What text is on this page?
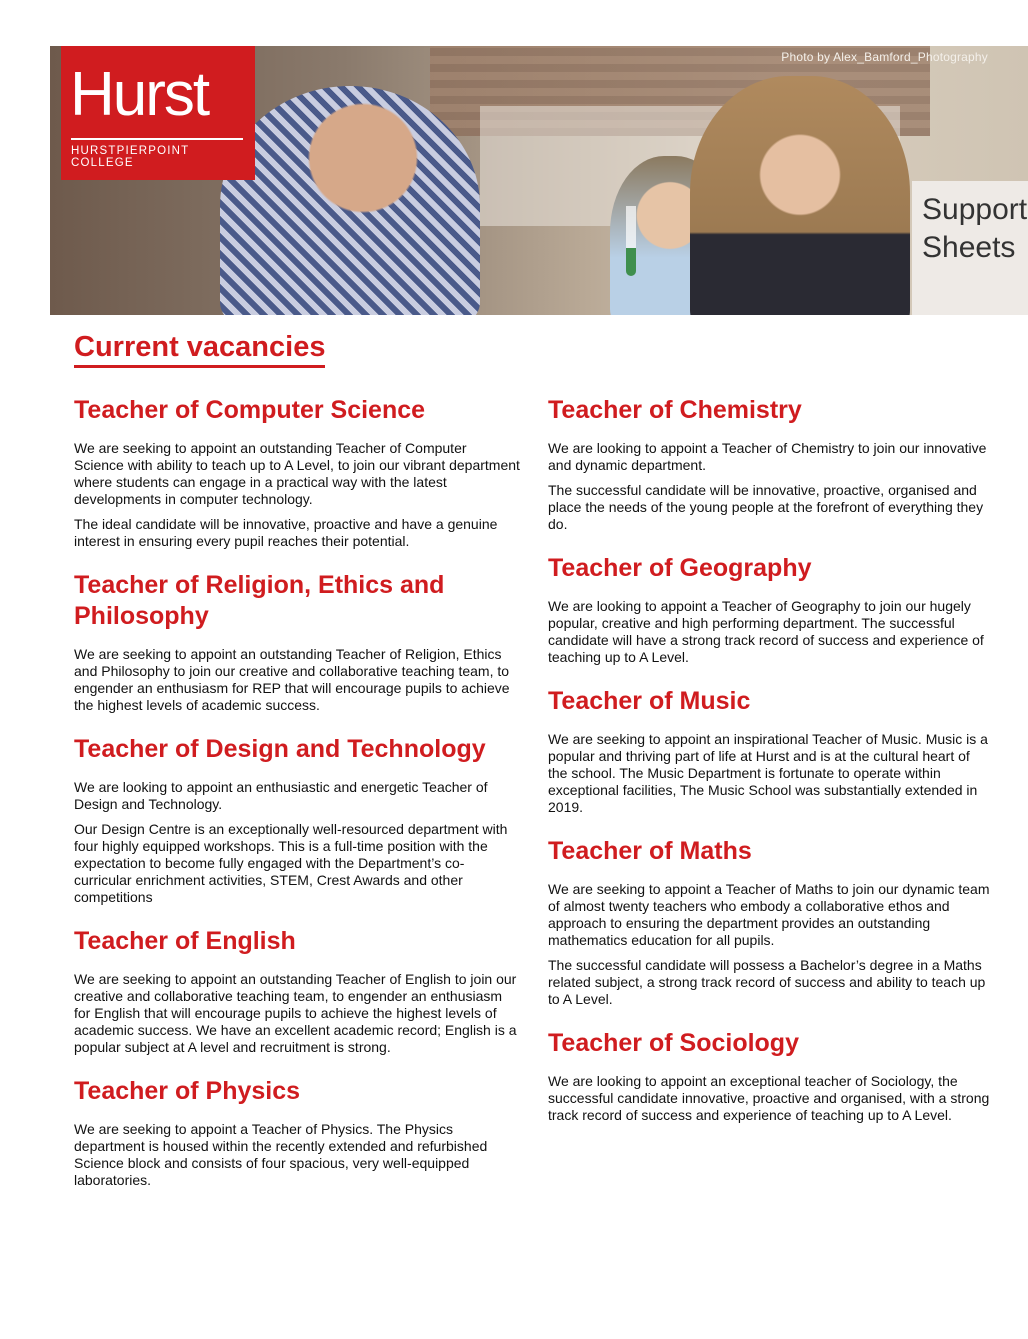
Support Sheets
Photo by Alex_Bamford_Photography
Hurst
HURSTPIERPOINT COLLEGE
Current vacancies
Teacher of Computer Science

We are seeking to appoint an outstanding Teacher of Computer Science with ability to teach up to A Level, to join our vibrant department where students can engage in a practical way with the latest developments in computer technology.

The ideal candidate will be innovative, proactive and have a genuine interest in ensuring every pupil reaches their potential.

Teacher of Religion, Ethics and Philosophy

We are seeking to appoint an outstanding Teacher of Religion, Ethics and Philosophy to join our creative and collaborative teaching team, to engender an enthusiasm for REP that will encourage pupils to achieve the highest levels of academic success.

Teacher of Design and Technology

We are looking to appoint an enthusiastic and energetic Teacher of Design and Technology.

Our Design Centre is an exceptionally well-resourced department with four highly equipped workshops. This is a full-time position with the expectation to become fully engaged with the Department’s co-curricular enrichment activities, STEM, Crest Awards and other competitions

Teacher of English

We are seeking to appoint an outstanding Teacher of English to join our creative and collaborative teaching team, to engender an enthusiasm for English that will encourage pupils to achieve the highest levels of academic success. We have an excellent academic record; English is a popular subject at A level and recruitment is strong.

Teacher of Physics

We are seeking to appoint a Teacher of Physics. The Physics department is housed within the recently extended and refurbished Science block and consists of four spacious, very well-equipped laboratories.

Teacher of Chemistry

We are looking to appoint a Teacher of Chemistry to join our innovative and dynamic department.

The successful candidate will be innovative, proactive, organised and place the needs of the young people at the forefront of everything they do.

Teacher of Geography

We are looking to appoint a Teacher of Geography to join our hugely popular, creative and high performing department. The successful candidate will have a strong track record of success and experience of teaching up to A Level.

Teacher of Music

We are seeking to appoint an inspirational Teacher of Music. Music is a popular and thriving part of life at Hurst and is at the cultural heart of the school. The Music Department is fortunate to operate within exceptional facilities, The Music School was substantially extended in 2019.

Teacher of Maths

We are seeking to appoint a Teacher of Maths to join our dynamic team of almost twenty teachers who embody a collaborative ethos and approach to ensuring the department provides an outstanding mathematics education for all pupils.

The successful candidate will possess a Bachelor’s degree in a Maths related subject, a strong track record of success and ability to teach up to A Level.

Teacher of Sociology

We are looking to appoint an exceptional teacher of Sociology, the successful candidate innovative, proactive and organised, with a strong track record of success and experience of teaching up to A Level.
